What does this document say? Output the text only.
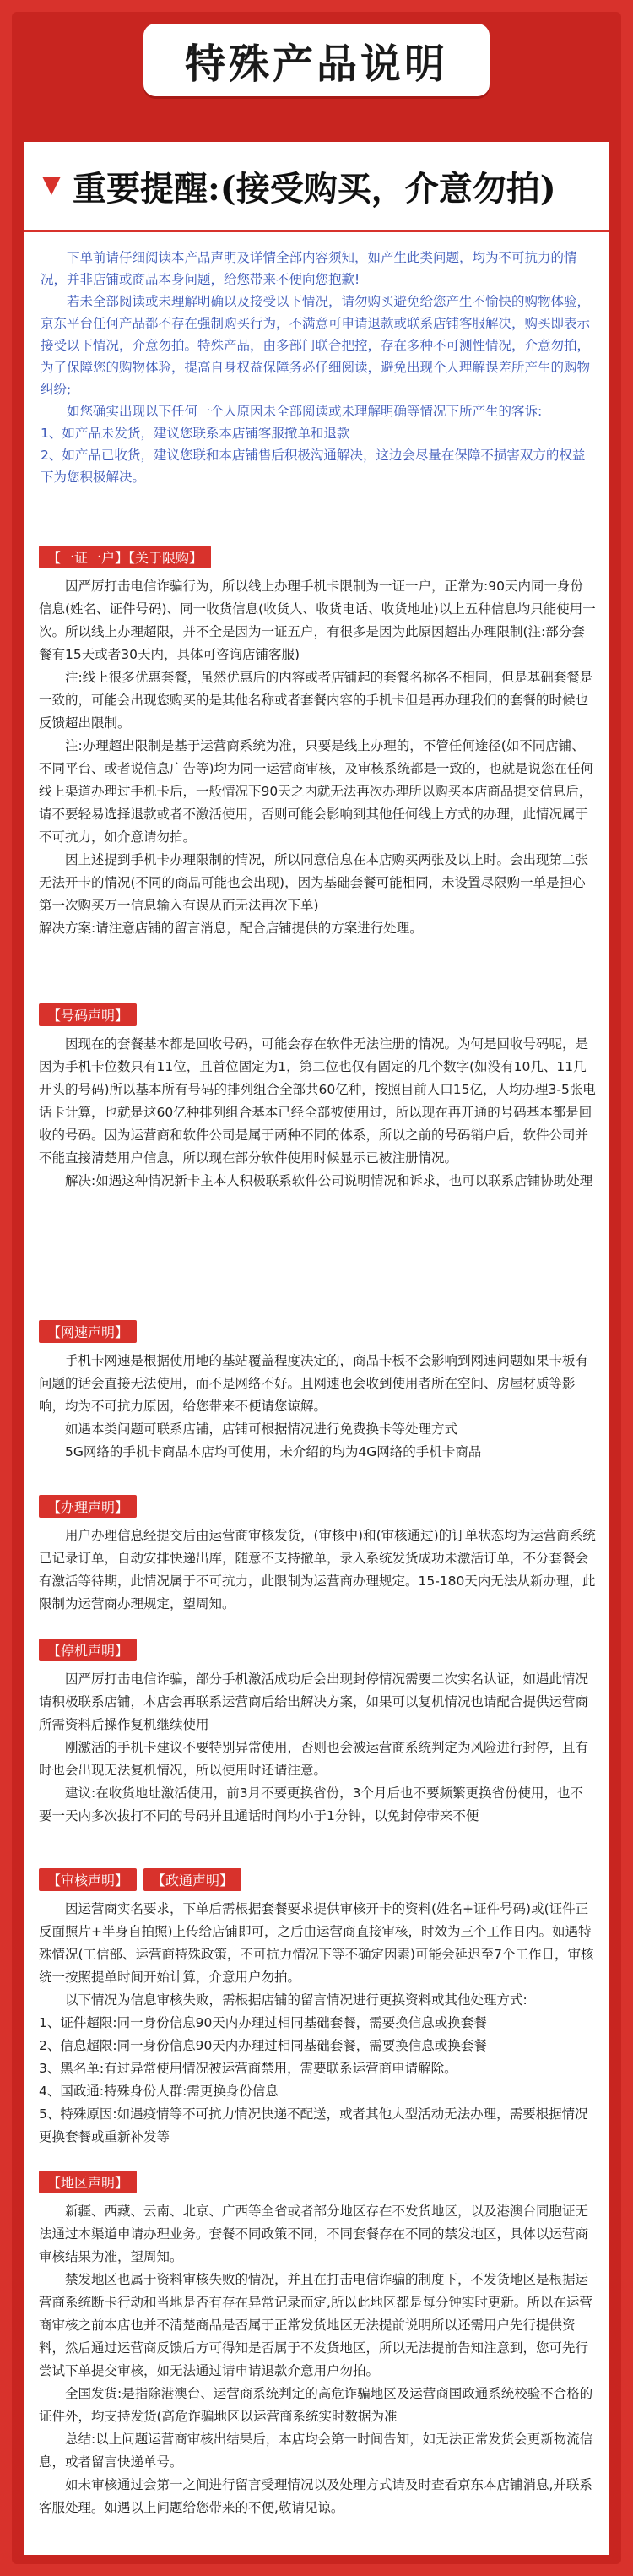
特殊产品说明
重要提醒:(接受购买，介意勿拍)

下单前请仔细阅读本产品声明及详情全部内容须知，如产生此类问题，均为不可抗力的情况，并非店铺或商品本身问题，给您带来不便向您抱歉!

若未全部阅读或未理解明确以及接受以下情况，请勿购买避免给您产生不愉快的购物体验，京东平台任何产品都不存在强制购买行为，不满意可申请退款或联系店铺客服解决，购买即表示接受以下情况，介意勿拍。特殊产品，由多部门联合把控，存在多种不可测性情况，介意勿拍，为了保障您的购物体验，提高自身权益保障务必仔细阅读，避免出现个人理解误差所产生的购物纠纷;

如您确实出现以下任何一个人原因未全部阅读或未理解明确等情况下所产生的客诉:

1、如产品未发货，建议您联系本店铺客服撤单和退款

2、如产品已收货，建议您联和本店铺售后积极沟通解决，这边会尽量在保障不损害双方的权益下为您积极解决。

【一证一户】【关于限购】

因严厉打击电信诈骗行为，所以线上办理手机卡限制为一证一户，正常为:90天内同一身份信息(姓名、证件号码)、同一收货信息(收货人、收货电话、收货地址)以上五种信息均只能使用一次。所以线上办理超限，并不全是因为一证五户，有很多是因为此原因超出办理限制(注:部分套餐有15天或者30天内，具体可咨询店铺客服)

注:线上很多优惠套餐，虽然优惠后的内容或者店铺起的套餐名称各不相同，但是基础套餐是一致的，可能会出现您购买的是其他名称或者套餐内容的手机卡但是再办理我们的套餐的时候也反馈超出限制。

注:办理超出限制是基于运营商系统为准，只要是线上办理的，不管任何途径(如不同店铺、不同平台、或者说信息广告等)均为同一运营商审核，及审核系统都是一致的，也就是说您在任何线上渠道办理过手机卡后，一般情况下90天之内就无法再次办理所以购买本店商品提交信息后，请不要轻易选择退款或者不激活使用，否则可能会影响到其他任何线上方式的办理，此情况属于不可抗力，如介意请勿拍。

因上述提到手机卡办理限制的情况，所以同意信息在本店购买两张及以上时。会出现第二张无法开卡的情况(不同的商品可能也会出现)，因为基础套餐可能相同，未设置尽限购一单是担心第一次购买万一信息输入有误从而无法再次下单)

解决方案:请注意店铺的留言消息，配合店铺提供的方案进行处理。

【号码声明】

因现在的套餐基本都是回收号码，可能会存在软件无法注册的情况。为何是回收号码呢，是因为手机卡位数只有11位，且首位固定为1，第二位也仅有固定的几个数字(如没有10几、11几开头的号码)所以基本所有号码的排列组合全部共60亿种，按照目前人口15亿，人均办理3-5张电话卡计算，也就是这60亿种排列组合基本已经全部被使用过，所以现在再开通的号码基本都是回收的号码。因为运营商和软件公司是属于两种不同的体系，所以之前的号码销户后，软件公司并不能直接清楚用户信息，所以现在部分软件使用时候显示已被注册情况。

解决:如遇这种情况新卡主本人积极联系软件公司说明情况和诉求，也可以联系店铺协助处理

【网速声明】

手机卡网速是根据使用地的基站覆盖程度决定的，商品卡板不会影响到网速问题如果卡板有问题的话会直接无法使用，而不是网络不好。且网速也会收到使用者所在空间、房屋材质等影响，均为不可抗力原因，给您带来不便请您谅解。

如遇本类问题可联系店铺，店铺可根据情况进行免费换卡等处理方式

5G网络的手机卡商品本店均可使用，未介绍的均为4G网络的手机卡商品

【办理声明】

用户办理信息经提交后由运营商审核发货，(审核中)和(审核通过)的订单状态均为运营商系统已记录订单，自动安排快递出库，随意不支持撤单，录入系统发货成功未激活订单，不分套餐会有激活等待期，此情况属于不可抗力，此限制为运营商办理规定。15-180天内无法从新办理，此限制为运营商办理规定，望周知。

【停机声明】

因严厉打击电信诈骗，部分手机激活成功后会出现封停情况需要二次实名认证，如遇此情况请积极联系店铺，本店会再联系运营商后给出解决方案，如果可以复机情况也请配合提供运营商所需资料后操作复机继续使用

刚激活的手机卡建议不要特别异常使用，否则也会被运营商系统判定为风险进行封停，且有时也会出现无法复机情况，所以使用时还请注意。

建议:在收货地址激活使用，前3月不要更换省份，3个月后也不要频繁更换省份使用，也不要一天内多次拔打不同的号码并且通话时间均小于1分钟，以免封停带来不便

【审核声明】 【政通声明】

因运营商实名要求，下单后需根据套餐要求提供审核开卡的资料(姓名+证件号码)或(证件正反面照片+半身自拍照)上传给店铺即可，之后由运营商直接审核，时效为三个工作日内。如遇特殊情况(工信部、运营商特殊政策，不可抗力情况下等不确定因素)可能会延迟至7个工作日，审核统一按照提单时间开始计算，介意用户勿拍。

以下情况为信息审核失败，需根据店铺的留言情况进行更换资料或其他处理方式:

1、证件超限:同一身份信息90天内办理过相同基础套餐，需要换信息或换套餐

2、信息超限:同一身份信息90天内办理过相同基础套餐，需要换信息或换套餐

3、黑名单:有过异常使用情况被运营商禁用，需要联系运营商申请解除。

4、国政通:特殊身份人群:需更换身份信息

5、特殊原因:如遇疫情等不可抗力情况快递不配送，或者其他大型活动无法办理，需要根据情况更换套餐或重新补发等

【地区声明】

新疆、西藏、云南、北京、广西等全省或者部分地区存在不发货地区，以及港澳台同胞证无法通过本渠道申请办理业务。套餐不同政策不同，不同套餐存在不同的禁发地区，具体以运营商审核结果为准，望周知。

禁发地区也属于资料审核失败的情况，并且在打击电信诈骗的制度下，不发货地区是根据运营商系统断卡行动和当地是否有存在异常记录而定,所以此地区都是每分钟实时更新。所以在运营商审核之前本店也并不清楚商品是否属于正常发货地区无法提前说明所以还需用户先行提供资料，然后通过运营商反馈后方可得知是否属于不发货地区，所以无法提前告知注意到，您可先行尝试下单提交审核，如无法通过请申请退款介意用户勿拍。

全国发货:是指除港澳台、运营商系统判定的高危诈骗地区及运营商国政通系统校验不合格的证件外，均支持发货(高危诈骗地区以运营商系统实时数据为准

总结:以上问题运营商审核出结果后，本店均会第一时间告知，如无法正常发货会更新物流信息，或者留言快递单号。

如未审核通过会第一之间进行留言受理情况以及处理方式请及时查看京东本店铺消息,并联系客服处理。如遇以上问题给您带来的不便,敬请见谅。
